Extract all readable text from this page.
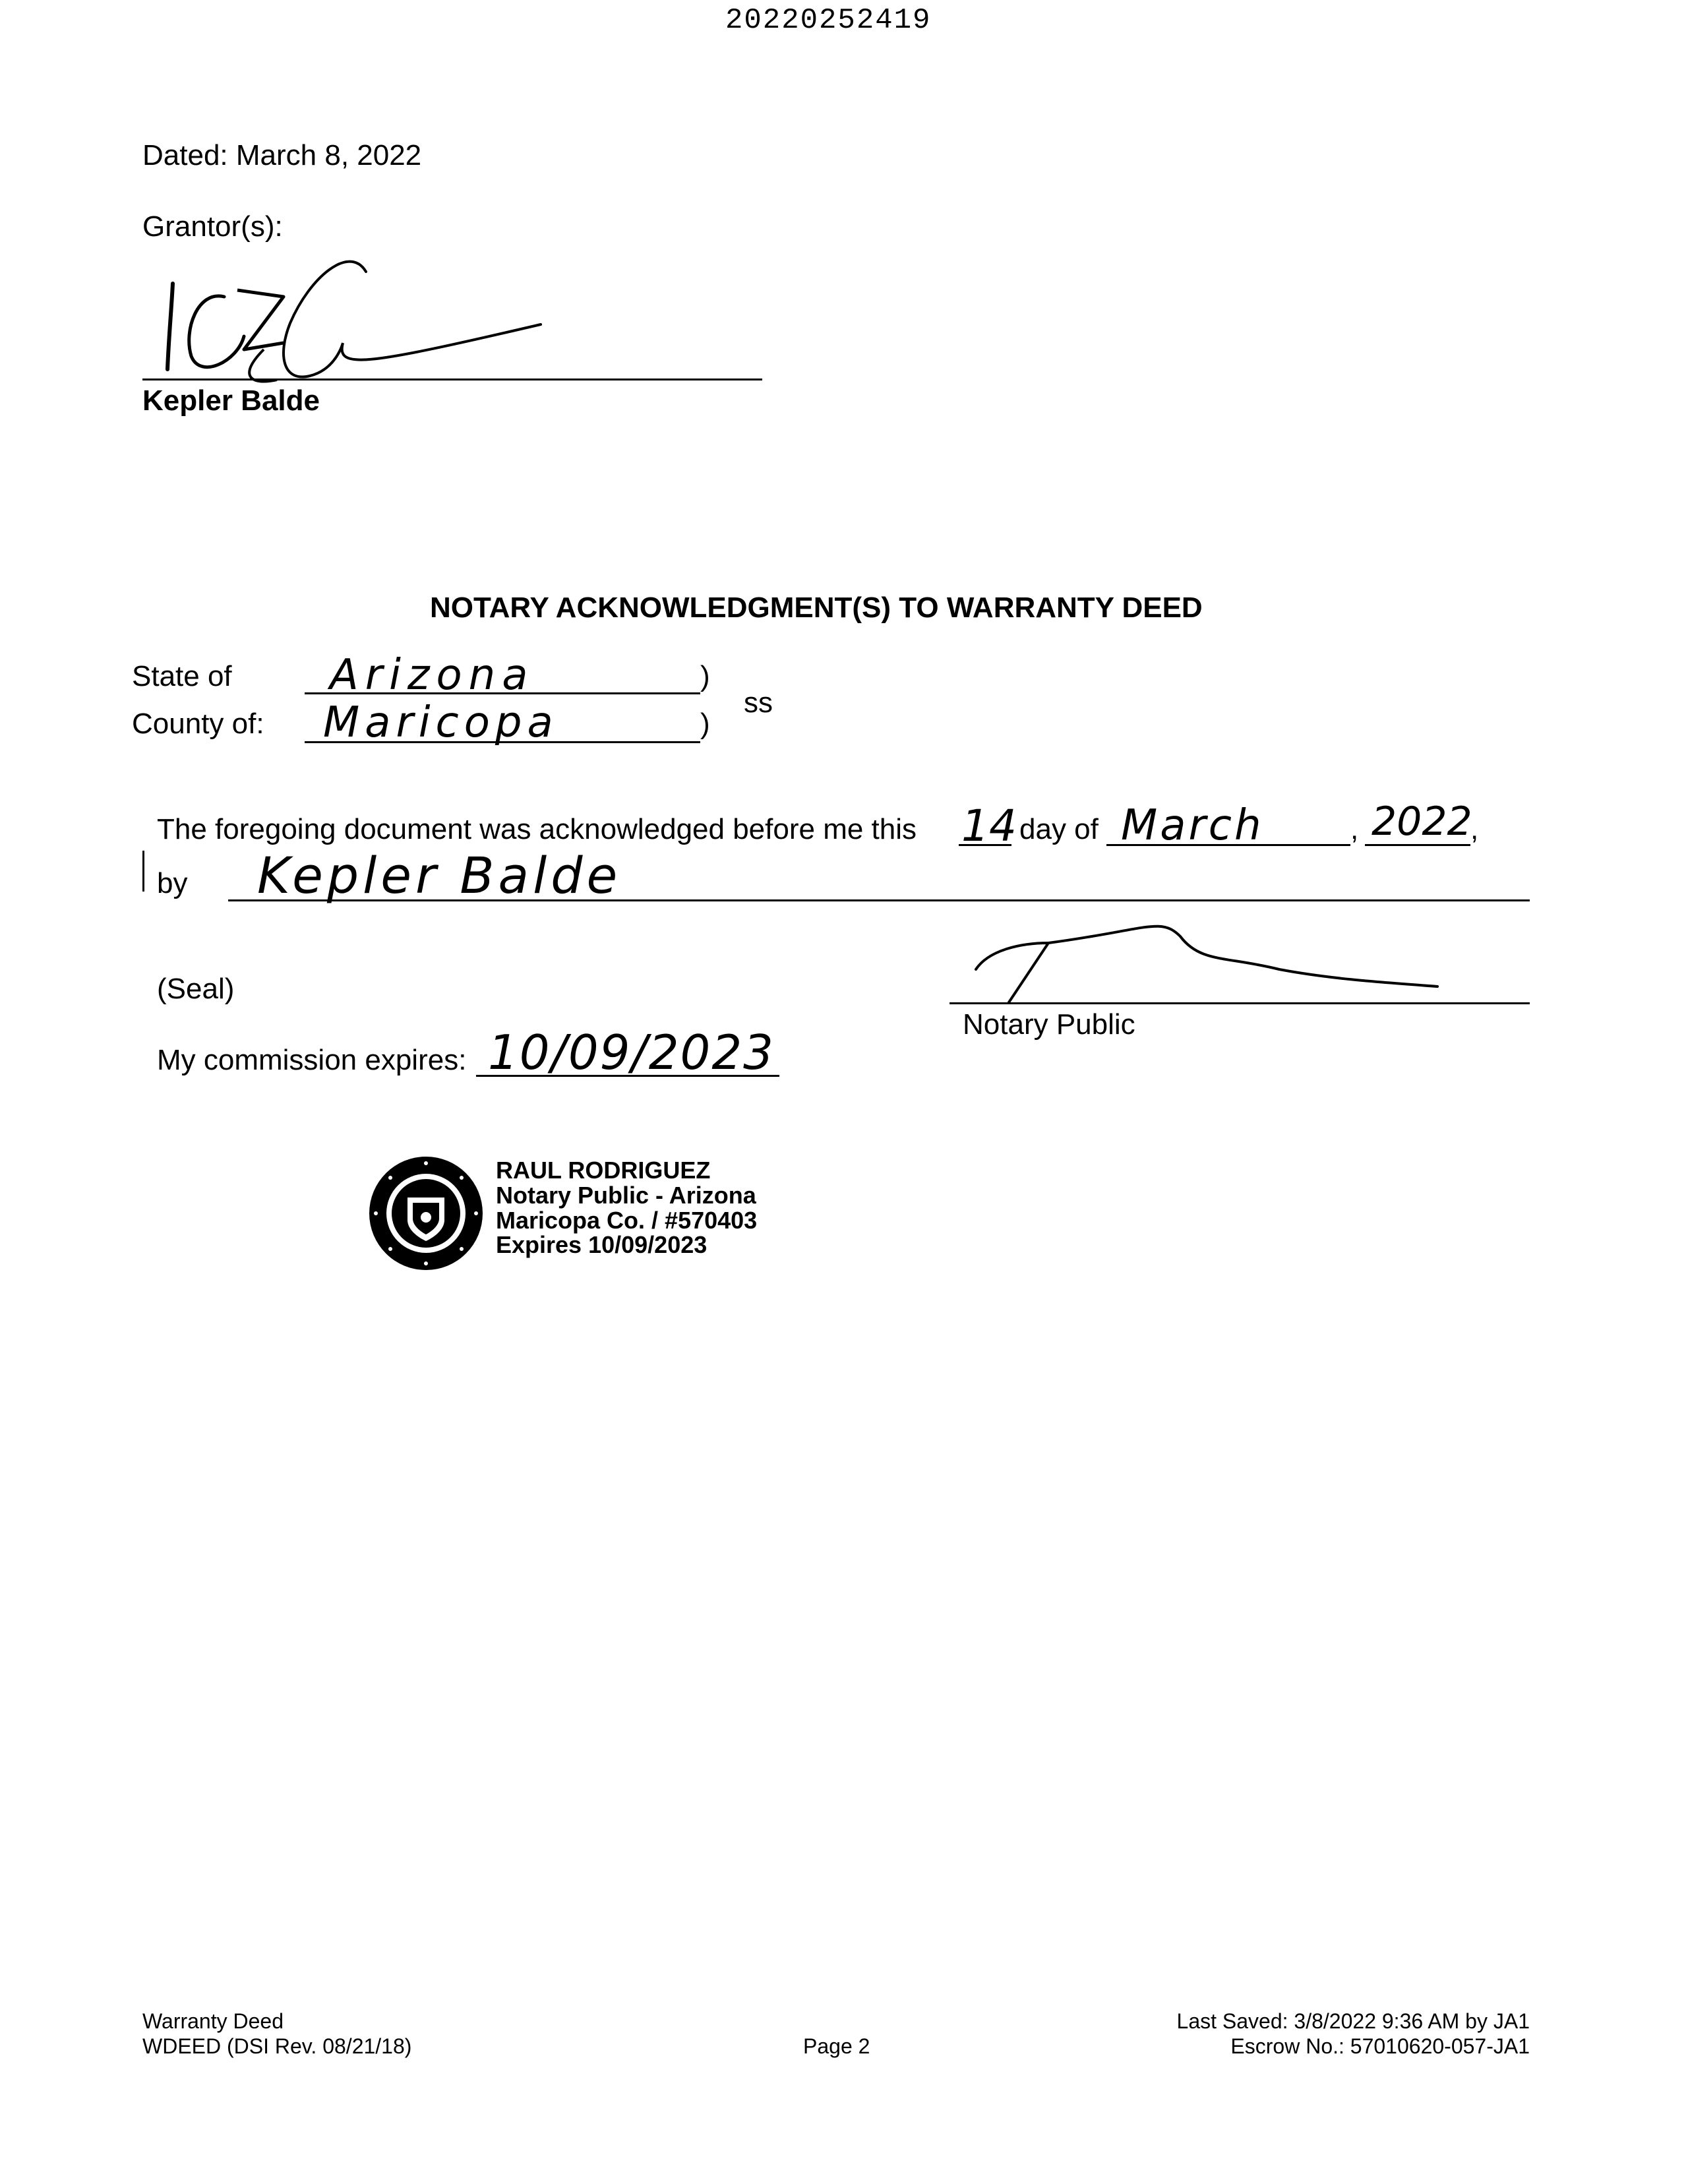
20220252419
Dated: March 8, 2022
Grantor(s):
Kepler Balde
NOTARY ACKNOWLEDGMENT(S) TO WARRANTY DEED
State of Arizona	)
County of: Maricopa	)
ss
The foregoing document was acknowledged before me this 14 day of March	, 2022
,
by Kepler Balde
(Seal)
Notary Public
My commission expires: 10/09/2023
RAUL RODRIGUEZ
Notary Public - Arizona
Maricopa Co. / #570403
Expires 10/09/2023
Warranty Deed
WDEED (DSI Rev. 08/21/18)	Page 2
Last Saved: 3/8/2022 9:36 AM by JA1
Escrow No.: 57010620-057-JA1
